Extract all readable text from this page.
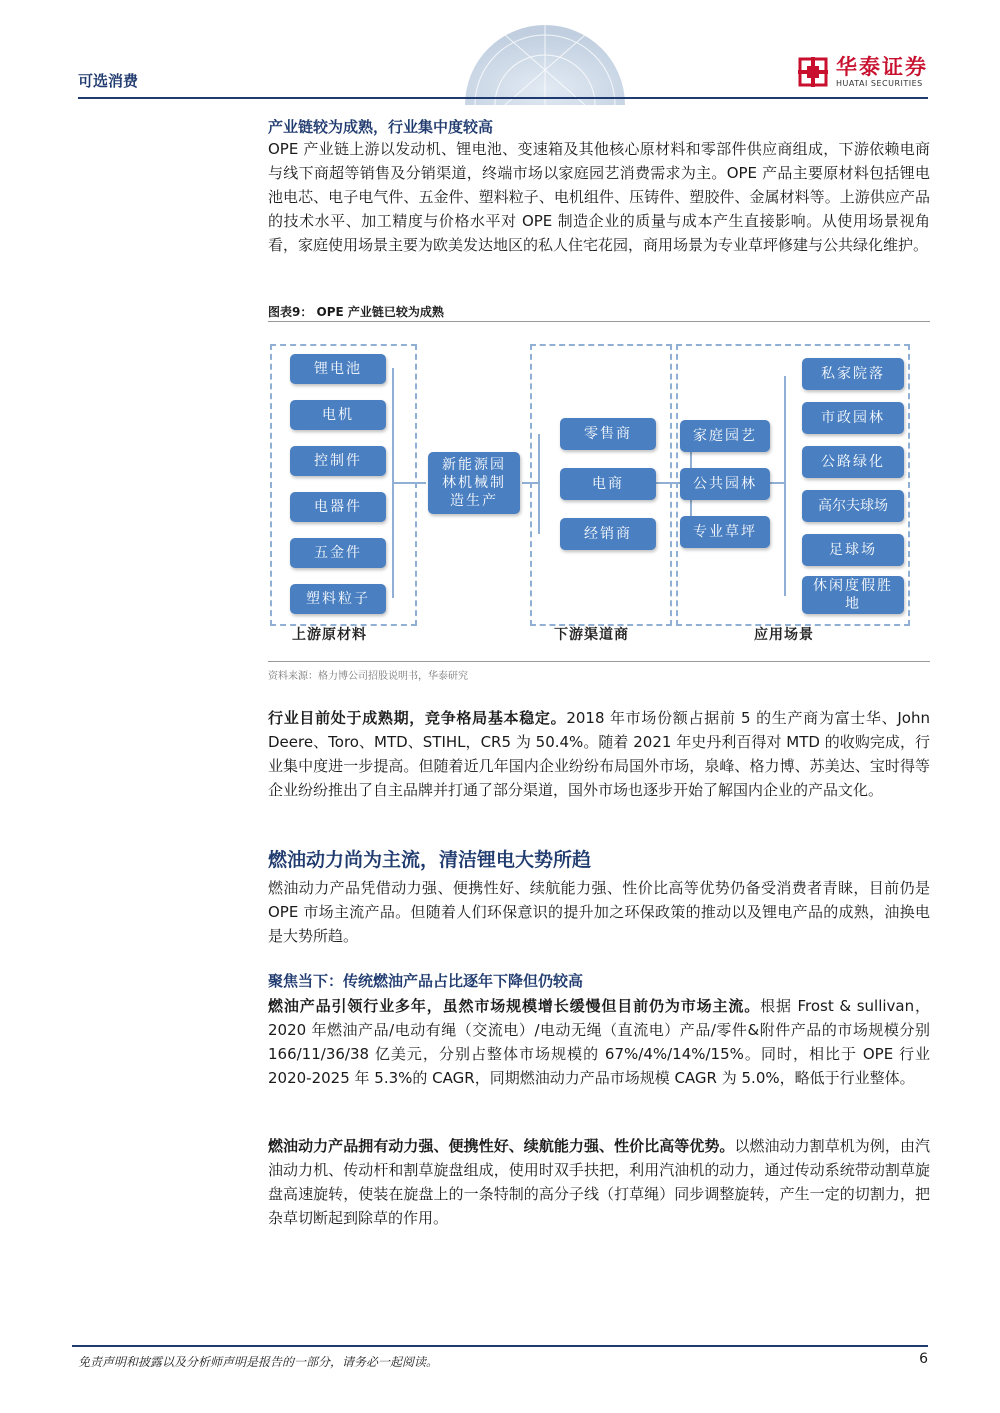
可选消费
华泰证券
HUATAI SECURITIES
产业链较为成熟，行业集中度较高

OPE 产业链上游以发动机、锂电池、变速箱及其他核心原材料和零部件供应商组成，下游依赖电商与线下商超等销售及分销渠道，终端市场以家庭园艺消费需求为主。OPE 产品主要原材料包括锂电池电芯、电子电气件、五金件、塑料粒子、电机组件、压铸件、塑胶件、金属材料等。上游供应产品的技术水平、加工精度与价格水平对 OPE 制造企业的质量与成本产生直接影响。从使用场景视角看，家庭使用场景主要为欧美发达地区的私人住宅花园，商用场景为专业草坪修建与公共绿化维护。

图表9： OPE 产业链已较为成熟
锂电池
电机
控制件
电器件
五金件
塑料粒子
新能源园林机械制造生产
零售商
电商
经销商
家庭园艺
公共园林
专业草坪
私家院落
市政园林
公路绿化
高尔夫球场
足球场
休闲度假胜地
上游原材料	下游渠道商	应用场景
资料来源：格力博公司招股说明书，华泰研究

行业目前处于成熟期，竞争格局基本稳定。2018 年市场份额占据前 5 的生产商为富士华、John Deere、Toro、MTD、STIHL，CR5 为 50.4%。随着 2021 年史丹利百得对 MTD 的收购完成，行业集中度进一步提高。但随着近几年国内企业纷纷布局国外市场，泉峰、格力博、苏美达、宝时得等企业纷纷推出了自主品牌并打通了部分渠道，国外市场也逐步开始了解国内企业的产品文化。

燃油动力尚为主流，清洁锂电大势所趋

燃油动力产品凭借动力强、便携性好、续航能力强、性价比高等优势仍备受消费者青睐，目前仍是 OPE 市场主流产品。但随着人们环保意识的提升加之环保政策的推动以及锂电产品的成熟，油换电是大势所趋。

聚焦当下：传统燃油产品占比逐年下降但仍较高

燃油产品引领行业多年，虽然市场规模增长缓慢但目前仍为市场主流。根据 Frost & sullivan，2020 年燃油产品/电动有绳（交流电）/电动无绳（直流电）产品/零件&附件产品的市场规模分别 166/11/36/38 亿美元，分别占整体市场规模的 67%/4%/14%/15%。同时，相比于 OPE 行业 2020-2025 年 5.3%的 CAGR，同期燃油动力产品市场规模 CAGR 为 5.0%，略低于行业整体。

燃油动力产品拥有动力强、便携性好、续航能力强、性价比高等优势。以燃油动力割草机为例，由汽油动力机、传动杆和割草旋盘组成，使用时双手扶把，利用汽油机的动力，通过传动系统带动割草旋盘高速旋转，使装在旋盘上的一条特制的高分子线（打草绳）同步调整旋转，产生一定的切割力，把杂草切断起到除草的作用。

免责声明和披露以及分析师声明是报告的一部分，请务必一起阅读。	6
